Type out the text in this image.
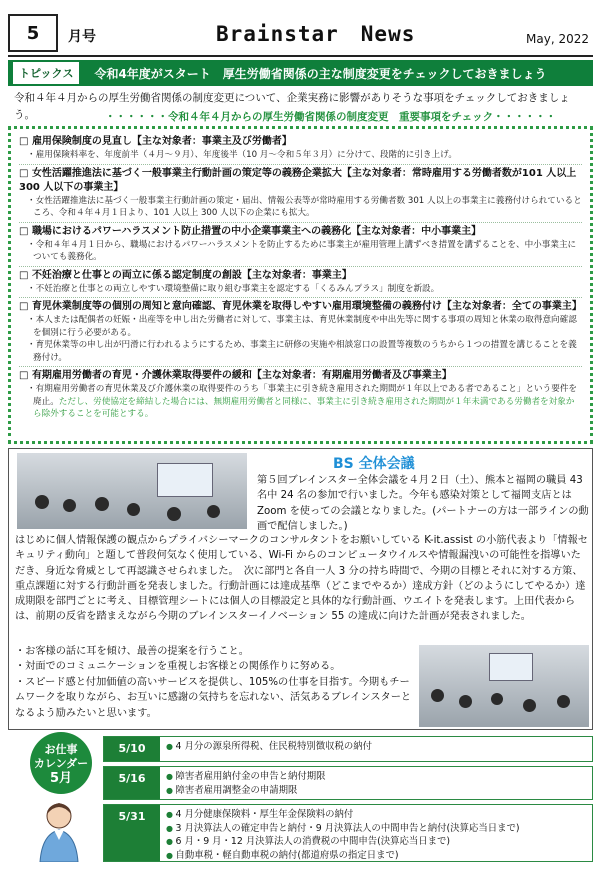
5	月号	Brainstar　News	May, 2022
トピックス	令和4年度がスタート　厚生労働省関係の主な制度変更をチェックしておきましょう
令和４年４月からの厚生労働省関係の制度変更について、企業実務に影響がありそうな事項をチェックしておきましょう。	・・・・・・令和４年４月からの厚生労働省関係の制度変更　重要事項をチェック・・・・・・
□ 雇用保険制度の見直し【主な対象者：事業主及び労働者】
・雇用保険料率を、年度前半（４月～９月）、年度後半（10 月～令和５年３月）に分けて、段階的に引き上げ。
□ 女性活躍推進法に基づく一般事業主行動計画の策定等の義務企業拡大【主な対象者：常時雇用する労働者数が101 人以上 300 人以下の事業主】
・女性活躍推進法に基づく一般事業主行動計画の策定・届出、情報公表等が常時雇用する労働者数 301 人以上の事業主に義務付けられているところ、令和４年４月１日より、101 人以上 300 人以下の企業にも拡大。
□ 職場におけるパワーハラスメント防止措置の中小企業事業主への義務化【主な対象者：中小事業主】
・令和４年４月１日から、職場におけるパワーハラスメントを防止するために事業主が雇用管理上講ずべき措置を講ずることを、中小事業主についても義務化。
□ 不妊治療と仕事との両立に係る認定制度の創設【主な対象者：事業主】
・不妊治療と仕事との両立しやすい環境整備に取り組む事業主を認定する「くるみんプラス」制度を新設。
□ 育児休業制度等の個別の周知と意向確認、育児休業を取得しやすい雇用環境整備の義務付け【主な対象者：全ての事業主】
・本人または配偶者の妊娠・出産等を申し出た労働者に対して、事業主は、育児休業制度や申出先等に関する事項の周知と休業の取得意向確認を個別に行う必要がある。
・育児休業等の申し出が円滑に行われるようにするため、事業主に研修の実施や相談窓口の設置等複数のうちから１つの措置を講じることを義務付け。
□ 有期雇用労働者の育児・介護休業取得要件の緩和【主な対象者：有期雇用労働者及び事業主】
・有期雇用労働者の育児休業及び介護休業の取得要件のうち「事業主に引き続き雇用された期間が１年以上である者であること」という要件を廃止。ただし、労使協定を締結した場合には、無期雇用労働者と同様に、事業主に引き続き雇用された期間が１年未満である労働者を対象から除外することを可能とする。
BS 全体会議
第５回ブレインスター全体会議を４月２日（土）、熊本と福岡の職員 43 名中 24 名の参加で行いました。今年も感染対策として福岡支店とは Zoom を使っての会議となりました。(パートナーの方は一部ラインの動画で配信しました。)
はじめに個人情報保護の観点からプライバシーマークのコンサルタントをお願いしている K-it.assist の小筋代表より「情報セキュリティ動向」と題して普段何気なく使用している、Wi-Fi からのコンピュータウイルスや情報漏洩いの可能性を指導いただき、身近な脅威として再認識させられました。　次に部門と各自一人 3 分の持ち時間で、今期の目標とそれに対する方策、重点課題に対する行動計画を発表しました。行動計画には達成基準（どこまでやるか）達成方針（どのようにしてやるか）達成期限を部門ごとに考え、目標管理シートには個人の目標設定と具体的な行動計画、ウエイトを発表します。上田代表からは、前期の反省を踏まえながら今期のブレインスターイノベーション 55 の達成に向けた計画が発表されました。
・お客様の話に耳を傾け、最善の提案を行うこと。
・対面でのコミュニケーションを重視しお客様との関係作りに努める。
・スピード感と付加価値の高いサービスを提供し、105%の仕事を目指す。今期もチームワークを取りながら、お互いに感謝の気持ちを忘れない、活気あるブレインスターとなるよう励みたいと思います。
お仕事
カレンダー
5月
5/10	● 4 月分の源泉所得税、住民税特別徴収税の納付
5/16	● 障害者雇用納付金の申告と納付期限
● 障害者雇用調整金の申請期限
5/31	● 4 月分健康保険料・厚生年金保険料の納付
● 3 月決算法人の確定申告と納付・9 月決算法人の中間申告と納付(決算応当日まで)
● 6 月・9 月・12 月決算法人の消費税の中間申告(決算応当日まで)
● 自動車税・軽自動車税の納付(都道府県の指定日まで)
